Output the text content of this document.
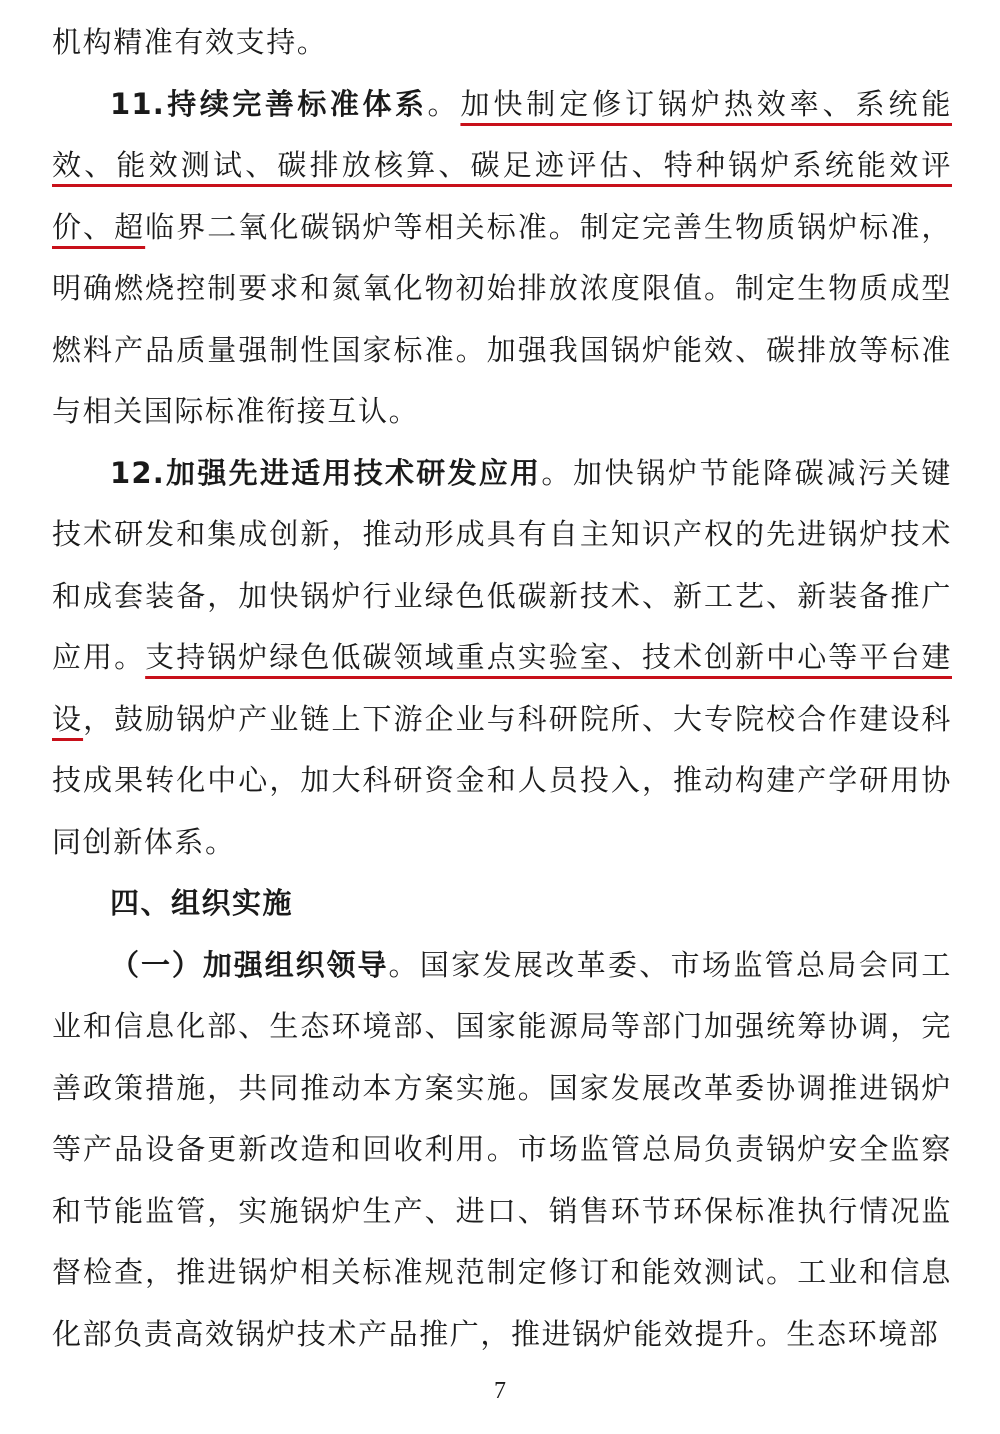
机构精准有效支持。

11.持续完善标准体系。加快制定修订锅炉热效率、系统能效、能效测试、碳排放核算、碳足迹评估、特种锅炉系统能效评价、超临界二氧化碳锅炉等相关标准。制定完善生物质锅炉标准，明确燃烧控制要求和氮氧化物初始排放浓度限值。制定生物质成型燃料产品质量强制性国家标准。加强我国锅炉能效、碳排放等标准与相关国际标准衔接互认。

12.加强先进适用技术研发应用。加快锅炉节能降碳减污关键技术研发和集成创新，推动形成具有自主知识产权的先进锅炉技术和成套装备，加快锅炉行业绿色低碳新技术、新工艺、新装备推广应用。支持锅炉绿色低碳领域重点实验室、技术创新中心等平台建设，鼓励锅炉产业链上下游企业与科研院所、大专院校合作建设科技成果转化中心，加大科研资金和人员投入，推动构建产学研用协同创新体系。

四、组织实施

（一）加强组织领导。国家发展改革委、市场监管总局会同工业和信息化部、生态环境部、国家能源局等部门加强统筹协调，完善政策措施，共同推动本方案实施。国家发展改革委协调推进锅炉等产品设备更新改造和回收利用。市场监管总局负责锅炉安全监察和节能监管，实施锅炉生产、进口、销售环节环保标准执行情况监督检查，推进锅炉相关标准规范制定修订和能效测试。工业和信息化部负责高效锅炉技术产品推广，推进锅炉能效提升。生态环境部

7
